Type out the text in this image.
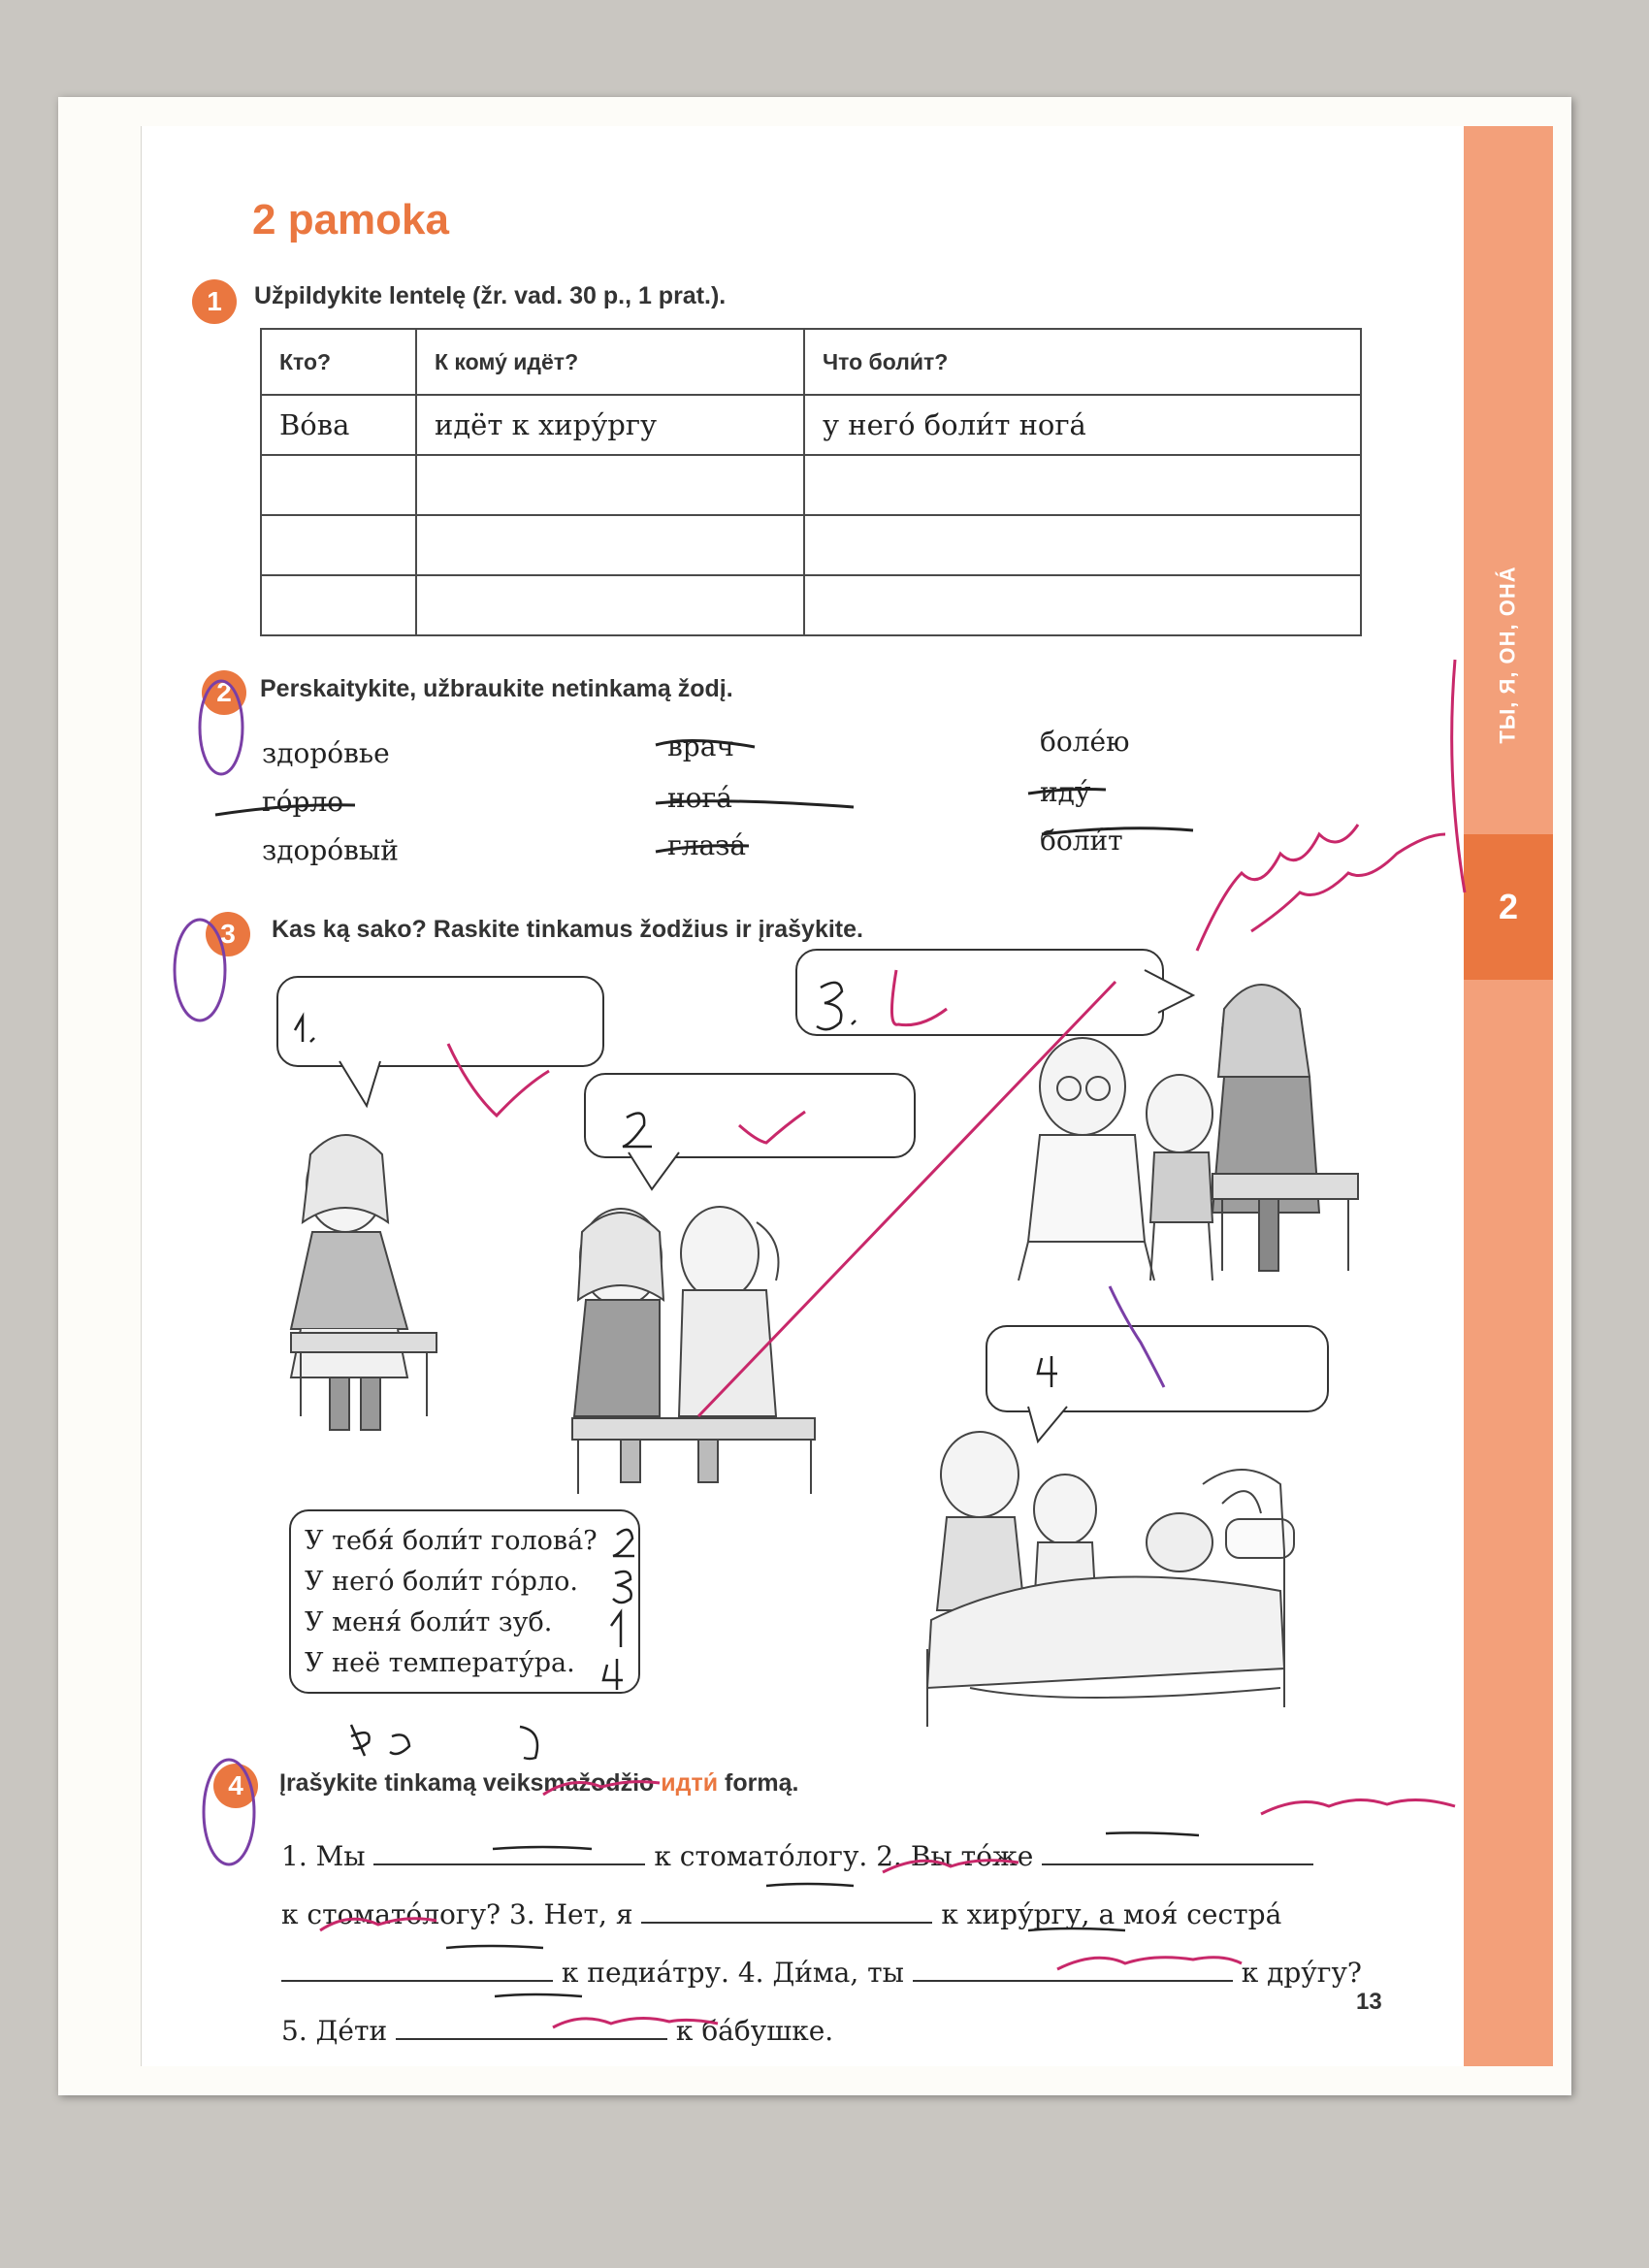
ТЫ, Я, ОН, ОНА́
2
2 pamoka
1	Užpildykite lentelę (žr. vad. 30 p., 1 prat.).
Кто?	К кому́ идёт?	Что боли́т?
Во́ва	идёт к хиру́ргу	у него́ боли́т нога́

2	Perskaitykite, užbraukite netinkamą žodį.
здоро́вье
го́рло
здоро́вый
врач
нога́
глаза́
боле́ю
иду́
боли́т
3	Kas ką sako? Raskite tinkamus žodžius ir įrašykite.
У тебя́ боли́т голова́?
У него́ боли́т го́рло.
У меня́ боли́т зуб.
У неё температу́ра.
4	Įrašykite tinkamą veiksmažodžio идти́ formą.
1. Мы	к стомато́логу. 2. Вы то́же
к стомато́логу? 3. Нет, я	к хиру́ргу, а моя́ сестра́
к педиа́тру. 4. Ди́ма, ты	к дру́гу?
5. Де́ти	к ба́бушке.
13
